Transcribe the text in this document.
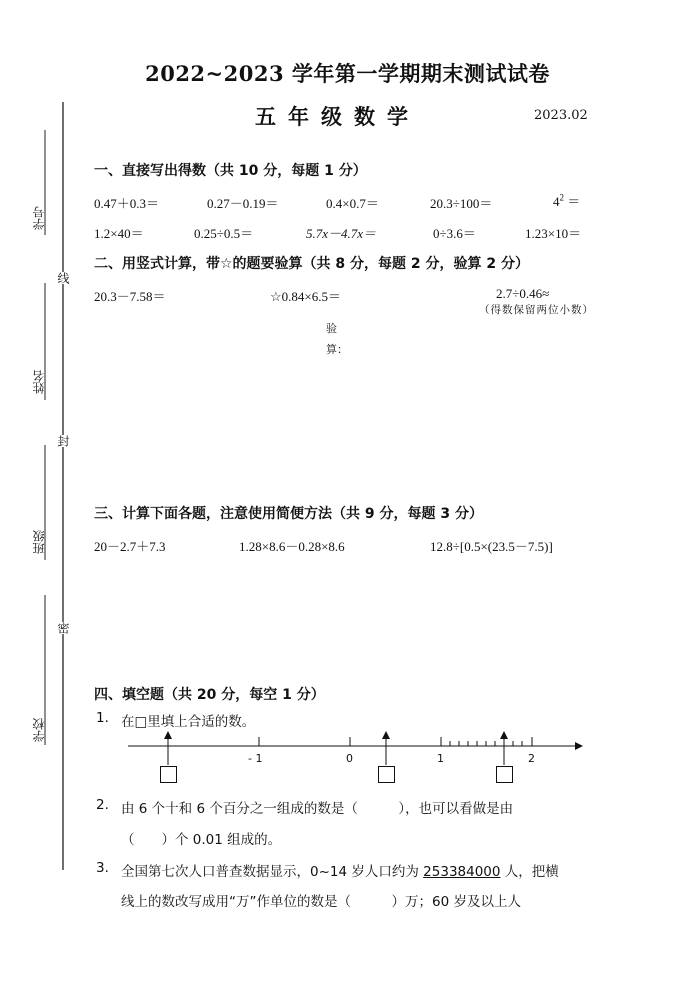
学号
姓名
班级
学校
线
封
密
2022~2023 学年第一学期期末测试试卷
五年级数学	2023.02
一、直接写出得数（共 10 分，每题 1 分）
0.47＋0.3＝	0.27－0.19＝	0.4×0.7＝	20.3÷100＝	$4^2$ ＝
1.2×40＝	0.25÷0.5＝	5.7x－4.7x＝	0÷3.6＝	1.23×10＝
二、用竖式计算，带☆的题要验算（共 8 分，每题 2 分，验算 2 分）
20.3－7.58＝	☆0.84×6.5＝	2.7÷0.46≈
（得数保留两位小数）
验
算：
三、计算下面各题，注意使用简便方法（共 9 分，每题 3 分）
20－2.7＋7.3	1.28×8.6－0.28×8.6	12.8÷[0.5×(23.5－7.5)]
四、填空题（共 20 分，每空 1 分）
1. 在□里填上合适的数。
- 1	0	1	2
2. 由 6 个十和 6 个百分之一组成的数是（　　　），也可以看做是由
（　　）个 0.01 组成的。
3. 全国第七次人口普查数据显示，0~14 岁人口约为 253384000 人，把横
线上的数改写成用“万”作单位的数是（　　　）万；60 岁及以上人
